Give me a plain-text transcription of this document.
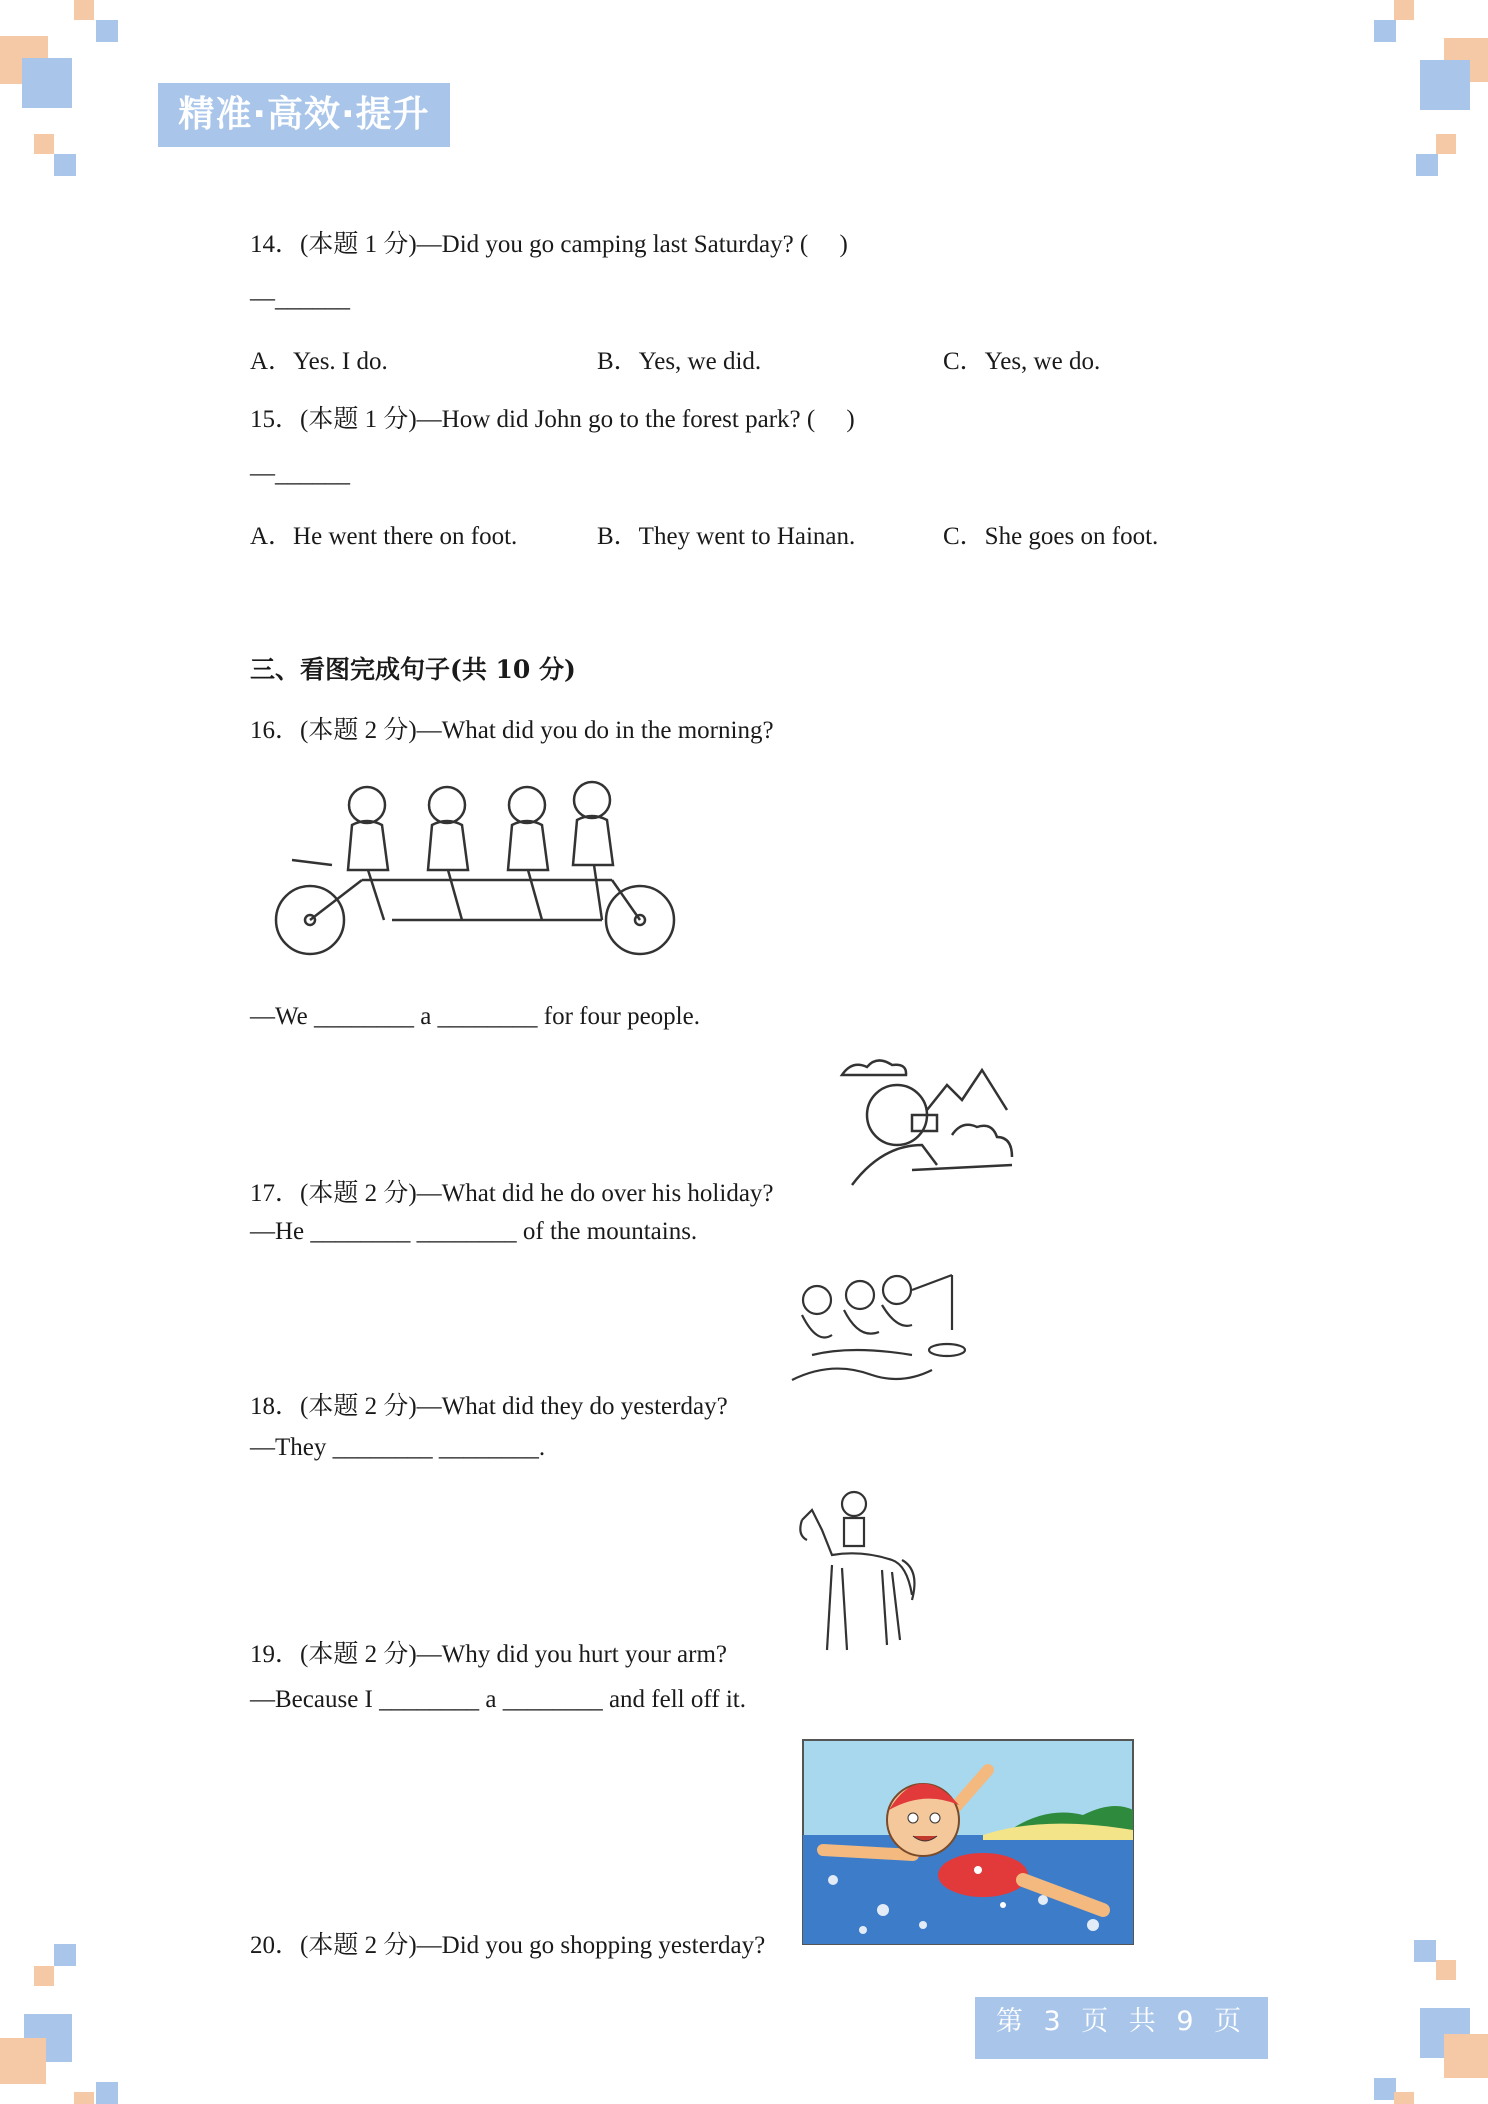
精准·高效·提升
14．(本题 1 分)—Did you go camping last Saturday? (　 )
—______
A．Yes. I do.	B．Yes, we did.	C．Yes, we do.
15．(本题 1 分)—How did John go to the forest park? (　 )
—______
A．He went there on foot.	B．They went to Hainan.	C．She goes on foot.
三、看图完成句子(共 10 分)
16．(本题 2 分)—What did you do in the morning?
—We ________ a ________ for four people.
17．(本题 2 分)—What did he do over his holiday?
—He ________ ________ of the mountains.
18．(本题 2 分)—What did they do yesterday?
—They ________ ________.
19．(本题 2 分)—Why did you hurt your arm?
—Because I ________ a ________ and fell off it.
20．(本题 2 分)—Did you go shopping yesterday?
第 3 页 共 9 页
